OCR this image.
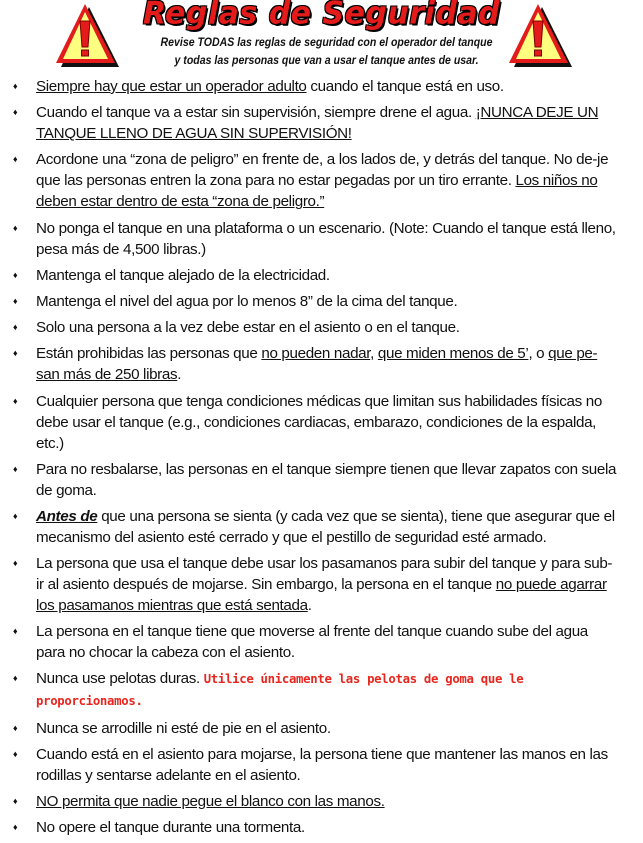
Reglas de Seguridad
Revise TODAS las reglas de seguridad con el operador del tanque
y todas las personas que van a usar el tanque antes de usar.
♦ Siempre hay que estar un operador adulto cuando el tanque está en uso.
♦ Cuando el tanque va a estar sin supervisión, siempre drene el agua. ¡NUNCA DEJE UN TANQUE LLENO DE AGUA SIN SUPERVISIÓN!
♦ Acordone una “zona de peligro” en frente de, a los lados de, y detrás del tanque. No de-je que las personas entren la zona para no estar pegadas por un tiro errante. Los niños no deben estar dentro de esta “zona de peligro.”
♦ No ponga el tanque en una plataforma o un escenario. (Note: Cuando el tanque está lleno, pesa más de 4,500 libras.)
♦ Mantenga el tanque alejado de la electricidad.
♦ Mantenga el nivel del agua por lo menos 8” de la cima del tanque.
♦ Solo una persona a la vez debe estar en el asiento o en el tanque.
♦ Están prohibidas las personas que no pueden nadar, que miden menos de 5’, o que pe-san más de 250 libras.
♦ Cualquier persona que tenga condiciones médicas que limitan sus habilidades físicas no debe usar el tanque (e.g., condiciones cardiacas, embarazo, condiciones de la espalda, etc.)
♦ Para no resbalarse, las personas en el tanque siempre tienen que llevar zapatos con suela de goma.
♦ Antes de que una persona se sienta (y cada vez que se sienta), tiene que asegurar que el mecanismo del asiento esté cerrado y que el pestillo de seguridad esté armado.
♦ La persona que usa el tanque debe usar los pasamanos para subir del tanque y para sub-ir al asiento después de mojarse. Sin embargo, la persona en el tanque no puede agarrar los pasamanos mientras que está sentada.
♦ La persona en el tanque tiene que moverse al frente del tanque cuando sube del agua para no chocar la cabeza con el asiento.
♦ Nunca use pelotas duras. Utilice únicamente las pelotas de goma que le proporcionamos.
♦ Nunca se arrodille ni esté de pie en el asiento.
♦ Cuando está en el asiento para mojarse, la persona tiene que mantener las manos en las rodillas y sentarse adelante en el asiento.
♦ NO permita que nadie pegue el blanco con las manos.
♦ No opere el tanque durante una tormenta.
